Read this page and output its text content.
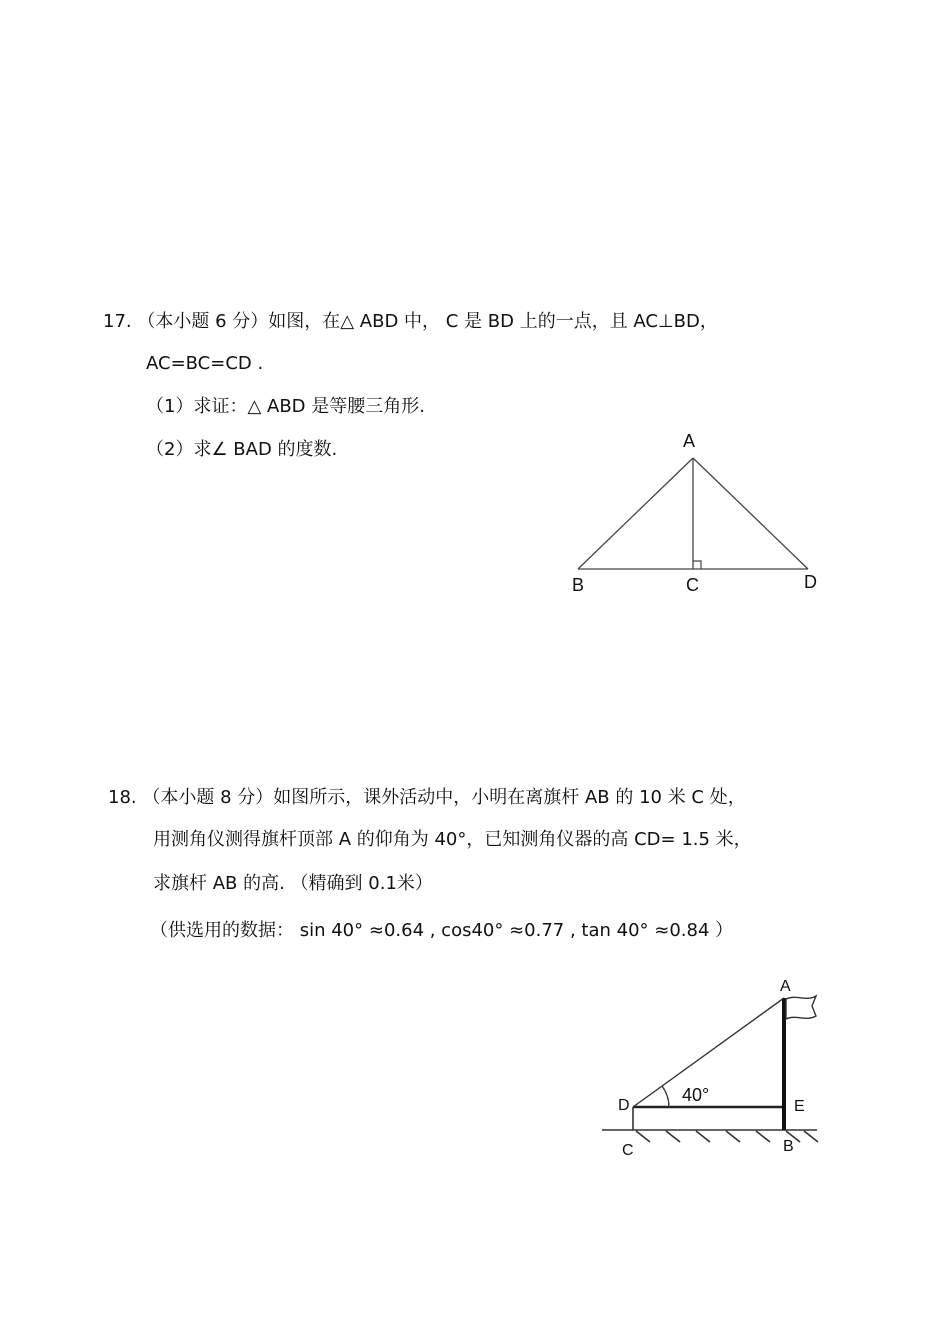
17. （本小题 6 分）如图，在△ ABD 中， C 是 BD 上的一点，且 AC⊥BD，
AC=BC=CD .
（1）求证：△ ABD 是等腰三角形.
（2）求∠ BAD 的度数.	A
B	C	D
18. （本小题 8 分）如图所示，课外活动中，小明在离旗杆 AB 的 10 米 C 处，
用测角仪测得旗杆顶部 A 的仰角为 40°，已知测角仪器的高 CD= 1.5 米，
求旗杆 AB 的高. （精确到 0.1米）
（供选用的数据： sin 40° ≈0.64 , cos40° ≈0.77 , tan 40° ≈0.84 ）
40°
A
D	E
C	B
